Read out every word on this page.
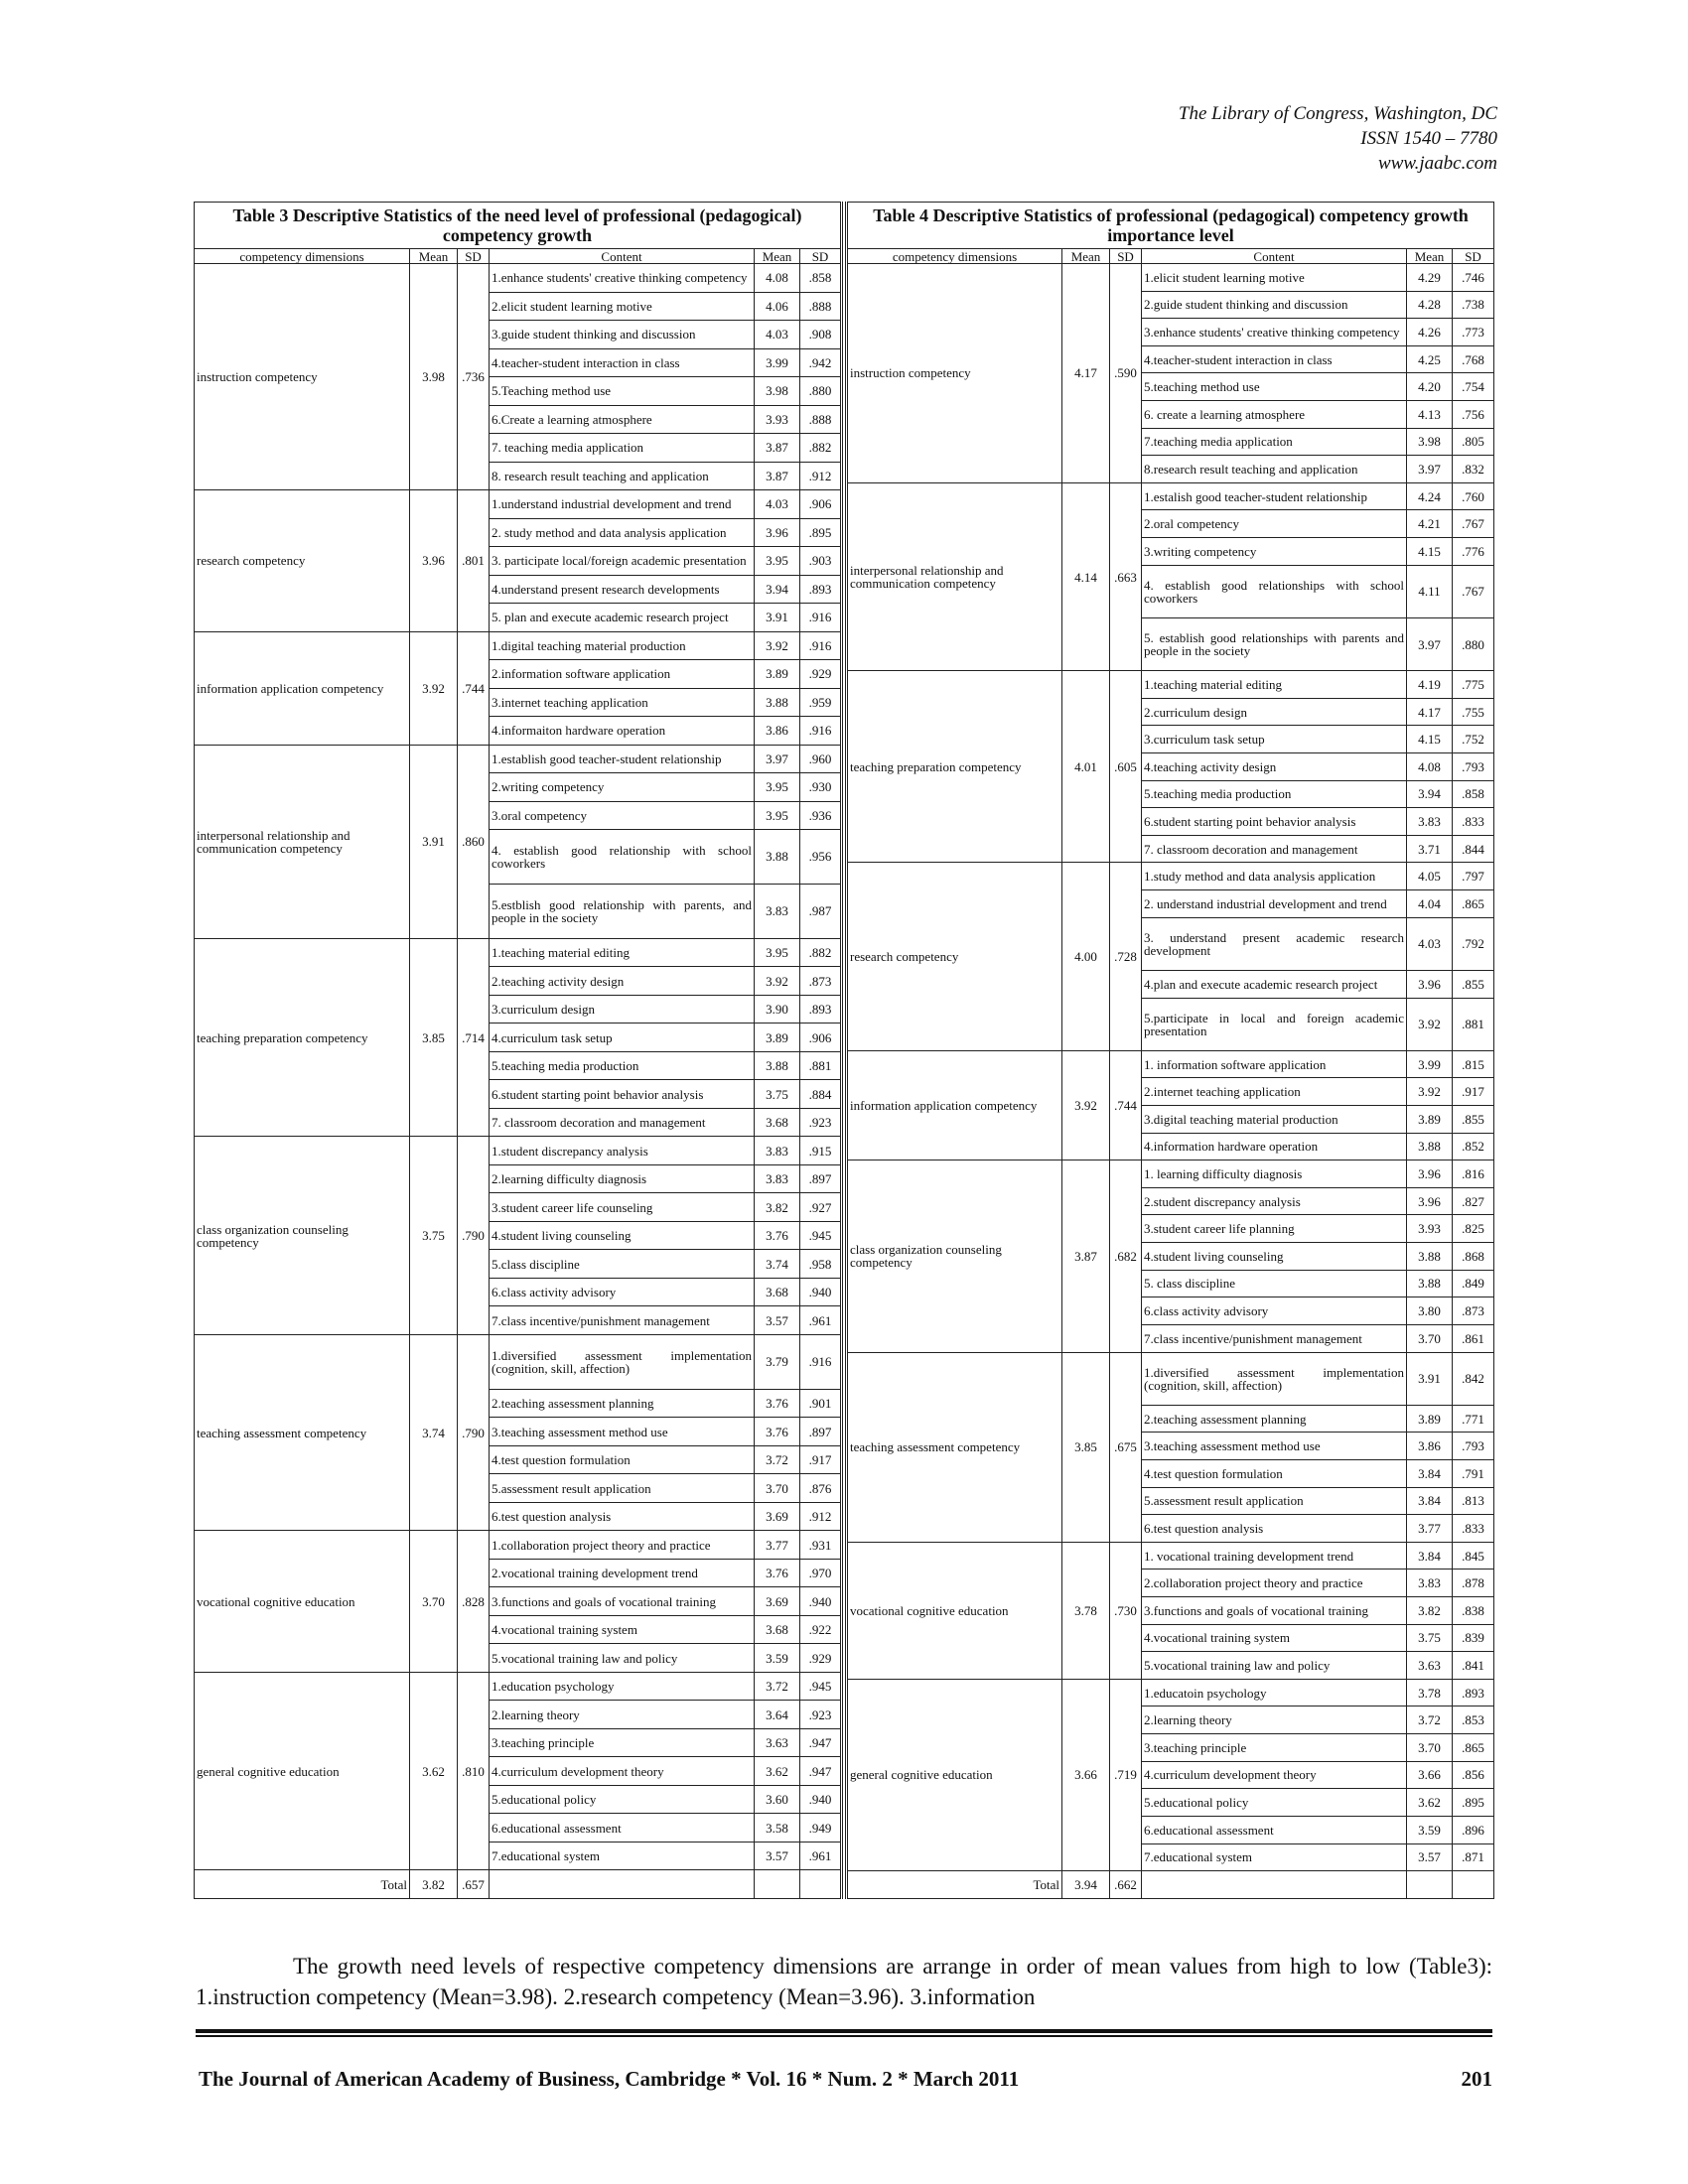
The Library of Congress, Washington, DC
ISSN 1540 – 7780
www.jaabc.com
Table 3 Descriptive Statistics of the need level of professional (pedagogical) competency growth					
competency dimensions	Mean	SD	Content	Mean	SD
instruction competency	3.98	.736	1.enhance students' creative thinking competency	4.08	.858
			2.elicit student learning motive	4.06	.888
			3.guide student thinking and discussion	4.03	.908
			4.teacher-student interaction in class	3.99	.942
			5.Teaching method use	3.98	.880
			6.Create a learning atmosphere	3.93	.888
			7. teaching media application	3.87	.882
			8. research result teaching and application	3.87	.912
research competency	3.96	.801	1.understand industrial development and trend	4.03	.906
			2. study method and data analysis application	3.96	.895
			3. participate local/foreign academic presentation	3.95	.903
			4.understand present research developments	3.94	.893
			5. plan and execute academic research project	3.91	.916
information application competency	3.92	.744	1.digital teaching material production	3.92	.916
			2.information software application	3.89	.929
			3.internet teaching application	3.88	.959
			4.informaiton hardware operation	3.86	.916
interpersonal relationship and communication competency	3.91	.860	1.establish good teacher-student relationship	3.97	.960
			2.writing competency	3.95	.930
			3.oral competency	3.95	.936
			4. establish good relationship with school coworkers	3.88	.956
			5.estblish good relationship with parents, and people in the society	3.83	.987
teaching preparation competency	3.85	.714	1.teaching material editing	3.95	.882
			2.teaching activity design	3.92	.873
			3.curriculum design	3.90	.893
			4.curriculum task setup	3.89	.906
			5.teaching media production	3.88	.881
			6.student starting point behavior analysis	3.75	.884
			7. classroom decoration and management	3.68	.923
class organization counseling competency	3.75	.790	1.student discrepancy analysis	3.83	.915
			2.learning difficulty diagnosis	3.83	.897
			3.student career life counseling	3.82	.927
			4.student living counseling	3.76	.945
			5.class discipline	3.74	.958
			6.class activity advisory	3.68	.940
			7.class incentive/punishment management	3.57	.961
teaching assessment competency	3.74	.790	1.diversified assessment implementation (cognition, skill, affection)	3.79	.916
			2.teaching assessment planning	3.76	.901
			3.teaching assessment method use	3.76	.897
			4.test question formulation	3.72	.917
			5.assessment result application	3.70	.876
			6.test question analysis	3.69	.912
vocational cognitive education	3.70	.828	1.collaboration project theory and practice	3.77	.931
			2.vocational training development trend	3.76	.970
			3.functions and goals of vocational training	3.69	.940
			4.vocational training system	3.68	.922
			5.vocational training law and policy	3.59	.929
general cognitive education	3.62	.810	1.education psychology	3.72	.945
			2.learning theory	3.64	.923
			3.teaching principle	3.63	.947
			4.curriculum development theory	3.62	.947
			5.educational policy	3.60	.940
			6.educational assessment	3.58	.949
			7.educational system	3.57	.961
Total	3.82	.657			
Table 4 Descriptive Statistics of professional (pedagogical) competency growth importance level					
competency dimensions	Mean	SD	Content	Mean	SD
instruction competency	4.17	.590	1.elicit student learning motive	4.29	.746
			2.guide student thinking and discussion	4.28	.738
			3.enhance students' creative thinking competency	4.26	.773
			4.teacher-student interaction in class	4.25	.768
			5.teaching method use	4.20	.754
			6. create a learning atmosphere	4.13	.756
			7.teaching media application	3.98	.805
			8.research result teaching and application	3.97	.832
interpersonal relationship and communication competency	4.14	.663	1.estalish good teacher-student relationship	4.24	.760
			2.oral competency	4.21	.767
			3.writing competency	4.15	.776
			4. establish good relationships with school coworkers	4.11	.767
			5. establish good relationships with parents and people in the society	3.97	.880
teaching preparation competency	4.01	.605	1.teaching material editing	4.19	.775
			2.curriculum design	4.17	.755
			3.curriculum task setup	4.15	.752
			4.teaching activity design	4.08	.793
			5.teaching media production	3.94	.858
			6.student starting point behavior analysis	3.83	.833
			7. classroom decoration and management	3.71	.844
research competency	4.00	.728	1.study method and data analysis application	4.05	.797
			2. understand industrial development and trend	4.04	.865
			3. understand present academic research development	4.03	.792
			4.plan and execute academic research project	3.96	.855
			5.participate in local and foreign academic presentation	3.92	.881
information application competency	3.92	.744	1. information software application	3.99	.815
			2.internet teaching application	3.92	.917
			3.digital teaching material production	3.89	.855
			4.information hardware operation	3.88	.852
class organization counseling competency	3.87	.682	1. learning difficulty diagnosis	3.96	.816
			2.student discrepancy analysis	3.96	.827
			3.student career life planning	3.93	.825
			4.student living counseling	3.88	.868
			5. class discipline	3.88	.849
			6.class activity advisory	3.80	.873
			7.class incentive/punishment management	3.70	.861
teaching assessment competency	3.85	.675	1.diversified assessment implementation (cognition, skill, affection)	3.91	.842
			2.teaching assessment planning	3.89	.771
			3.teaching assessment method use	3.86	.793
			4.test question formulation	3.84	.791
			5.assessment result application	3.84	.813
			6.test question analysis	3.77	.833
vocational cognitive education	3.78	.730	1. vocational training development trend	3.84	.845
			2.collaboration project theory and practice	3.83	.878
			3.functions and goals of vocational training	3.82	.838
			4.vocational training system	3.75	.839
			5.vocational training law and policy	3.63	.841
general cognitive education	3.66	.719	1.educatoin psychology	3.78	.893
			2.learning theory	3.72	.853
			3.teaching principle	3.70	.865
			4.curriculum development theory	3.66	.856
			5.educational policy	3.62	.895
			6.educational assessment	3.59	.896
			7.educational system	3.57	.871
Total	3.94	.662			

The growth need levels of respective competency dimensions are arrange in order of mean values from high to low (Table3): 1.instruction competency (Mean=3.98). 2.research competency (Mean=3.96). 3.information

The Journal of American Academy of Business, Cambridge * Vol. 16 * Num. 2 * March 2011	201
